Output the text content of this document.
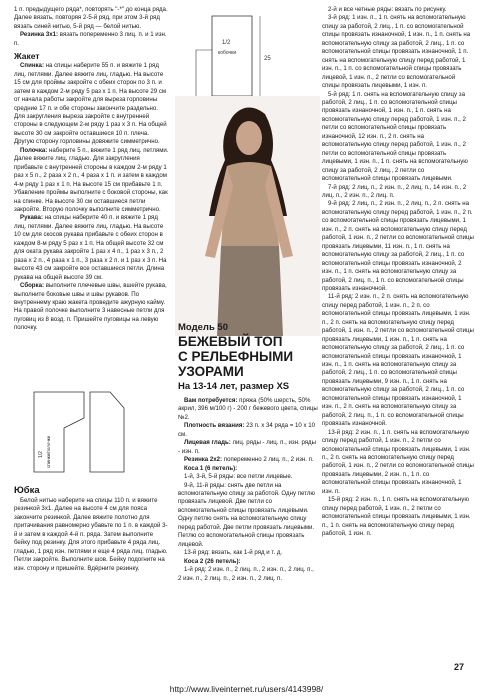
1 п. предыдущего ряда*, повторять "-*" до конца ряда. Далее вязать, повторяя 2-5-й ряд, при этом 3-й ряд вязать синей нитью, 5-й ряд — белой нитью.

Резинка 3х1: вязать попеременно 3 лиц. п. и 1 изн. п.

Жакет

Спинка: на спицы наберите 55 п. и вяжите 1 ряд лиц. петлями. Далее вяжите лиц. гладью. На высоте 15 см для проймы закройте с обеих сторон по 3 п. и затем в каждом 2-м ряду 5 раз х 1 п. На высоте 29 см от начала работы закройте для выреза горловины средние 17 п. и обе стороны закончите раздельно. Для закругления выреза закройте с внутренней стороны в следующем 2-м ряду 1 раз х 3 п. На общей высоте 30 см закройте оставшиеся 10 п. плеча. Другую сторону горловины довяжите симметрично.

Полочка: наберите 5 п., вяжите 1 ряд лиц. петлями. Далее вяжите лиц. гладью. Для закругления прибавьте с внутренней стороны в каждом 2-м ряду 1 раз х 5 п., 2 раза х 2 п., 4 раза х 1 п. и затем в каждом 4-м ряду 1 раз х 1 п. На высоте 15 см прибавьте 1 п. Убавление проймы выполните с боковой стороны, как на спинке. На высоте 30 см оставшиеся петли закройте. Вторую полочку выполните симметрично.

Рукава: на спицы наберите 40 п. и вяжите 1 ряд лиц. петлями. Далее вяжите лиц. гладью. На высоте 10 см для скосов рукава прибавьте с обеих сторон в каждом 8-м ряду 5 раз х 1 п. На общей высоте 32 см для оката рукава закройте 1 раз х 4 п., 1 раз х 3 п., 2 раза х 2 п., 4 раза х 1 п., 3 раза х 2 п. и 1 раз х 3 п. На высоте 43 см закройте все оставшиеся петли. Длина рукава на общей высоте 39 см.

Сборка: выполните плечевые швы, вшейте рукава, выполните боковые швы и швы рукавов. По внутреннему краю жакета проведите ажурную кайму. На правой полочке выполните 3 навесные петли для пуговиц из 8 возд. п. Пришейте пуговицы на левую полочку.

1/2 спинки/полочки
Юбка

Белой нитью наберите на спицы 110 п. и вяжите резинкой 3х1. Далее на высоте 4 см для пояса закончите резинкой. Далее вяжите полотно для притачивания равномерно убавьте по 1 п. в каждой 3-й и затем в каждой 4-й п. ряда. Затем выполните бейку под резинку. Для этого прибавьте 4 ряда лиц. гладью, 1 ряд изн. петлями и еще 4 ряда лиц. гладью. Петли закройте. Выполните шов. Бейку подогните на изн. сторону и пришейте. Вдёрните резинку.

1/2
кобочки
25
Модель 50
БЕЖЕВЫЙ ТОП
С РЕЛЬЕФНЫМИ
УЗОРАМИ
На 13-14 лет, размер XS

Вам потребуется: пряжа (50% шерсть, 50% акрил, 396 м/100 г) - 200 г бежевого цвета, спицы №2.

Плотность вязания: 23 п. х 34 ряда = 10 х 10 см.

Лицевая гладь: лиц. ряды - лиц. п., изн. ряды - изн. п.

Резинка 2х2: попеременно 2 лиц. п., 2 изн. п.

Коса 1 (6 петель):

1-й, 3-й, 5-й ряды: все петли лицевые.

9-й, 11-й ряды: снять две петли на вспомогательную спицу за работой. Одну петлю провязать лицевой. Две петли со вспомогательной спицы провязать лицевыми. Одну петлю снять на вспомогательную спицу перед работой. Две петли провязать лицевыми. Петлю со вспомогательной спицы провязать лицевой.

13-й ряд: вязать, как 1-й ряд и т. д.

Коса 2 (26 петель):

1-й ряд: 2 изн. п., 2 лиц. п., 2 изн. п., 2 лиц. п., 2 изн. п., 2 лиц. п., 2 изн. п., 2 лиц. п.

2-й и все четные ряды: вязать по рисунку.

3-й ряд: 1 изн. п., 1 п. снять на вспомогательную спицу за работой, 2 лиц., 1 п. со вспомогательной спицы провязать изнаночной, 1 изн. п., 1 п. снять на вспомогательную спицу за работой, 2 лиц., 1 п. со вспомогательной спицы провязать изнаночной, 1 п. снять на вспомогательную спицу перед работой, 1 изн. п., 1 п. со вспомогательной спицы провязать лицевой, 1 изн. п., 2 петли со вспомогательной спицы провязать лицевыми, 1 изн. п.

5-й ряд: 1 п. снять на вспомогательную спицу за работой, 2 лиц., 1 п. со вспомогательной спицы провязать изнаночной, 1 изн. п., 1 п. снять на вспомогательную спицу перед работой, 1 изн. п., 2 петли со вспомогательной спицы провязать изнаночной, 12 изн. п., 2 п. снять на вспомогательную спицу перед работой, 1 изн. п., 2 петли со вспомогательной спицы провязать лицевыми, 1 изн. п., 1 п. снять на вспомогательную спицу за работой, 2 лиц., 2 петли со вспомогательной спицы провязать лицевыми.

7-й ряд: 2 лиц. п., 2 изн. п., 2 лиц. п., 14 изн. п., 2 лиц. п., 2 изн. п., 2 лиц. п.

9-й ряд: 2 лиц. п., 2 изн. п., 2 лиц. п., 2 п. снять на вспомогательную спицу перед работой, 1 изн. п., 2 п. со вспомогательной спицы провязать лицевыми, 1 изн. п., 2 п. снять на вспомогательную спицу перед работой, 1 изн. п., 2 петли со вспомогательной спицы провязать лицевыми, 11 изн. п., 1 п. снять на вспомогательную спицу за работой, 2 лиц., 1 п. со вспомогательной спицы провязать изнаночной, 2 изн. п., 1 п. снять на вспомогательную спицу за работой, 2 лиц. п., 1 п. со вспомогательной спицы провязать изнаночной.

11-й ряд: 2 изн. п., 2 п. снять на вспомогательную спицу перед работой, 1 изн. п., 2 п. со вспомогательной спицы провязать лицевыми, 1 изн. п., 2 п. снять на вспомогательную спицу перед работой, 1 изн. п., 2 петли со вспомогательной спицы провязать лицевыми, 1 изн. п., 1 п. снять на вспомогательную спицу за работой, 2 лиц., 1 п. со вспомогательной спицы провязать изнаночной, 1 изн. п., 1 п. снять на вспомогательную спицу за работой, 2 лиц., 1 п. со вспомогательной спицы провязать лицевыми, 9 изн. п., 1 п. снять на вспомогательную спицу за работой, 2 лиц., 1 п. со вспомогательной спицы провязать изнаночной, 1 изн. п., 2 п. снять на вспомогательную спицу за работой, 2 лиц. п., 1 п. со вспомогательной спицы провязать изнаночной.

13-й ряд: 2 изн. п., 1 п. снять на вспомогательную спицу перед работой, 1 изн. п., 2 петли со вспомогательной спицы провязать лицевыми, 1 изн. п., 2 п. снять на вспомогательную спицу перед работой, 1 изн. п., 2 петли со вспомогательной спицы провязать лицевыми, 2 изн. п., 1 п. со вспомогательной спицы провязать изнаночной, 1 изн. п.

15-й ряд: 2 изн. п., 1 п. снять на вспомогательную спицу перед работой, 1 изн. п., 2 петли со вспомогательной спицы провязать лицевыми, 1 изн. п., 1 п. снять на вспомогательную спицу перед работой, 1 изн. п.

27
http://www.liveinternet.ru/users/4143998/
